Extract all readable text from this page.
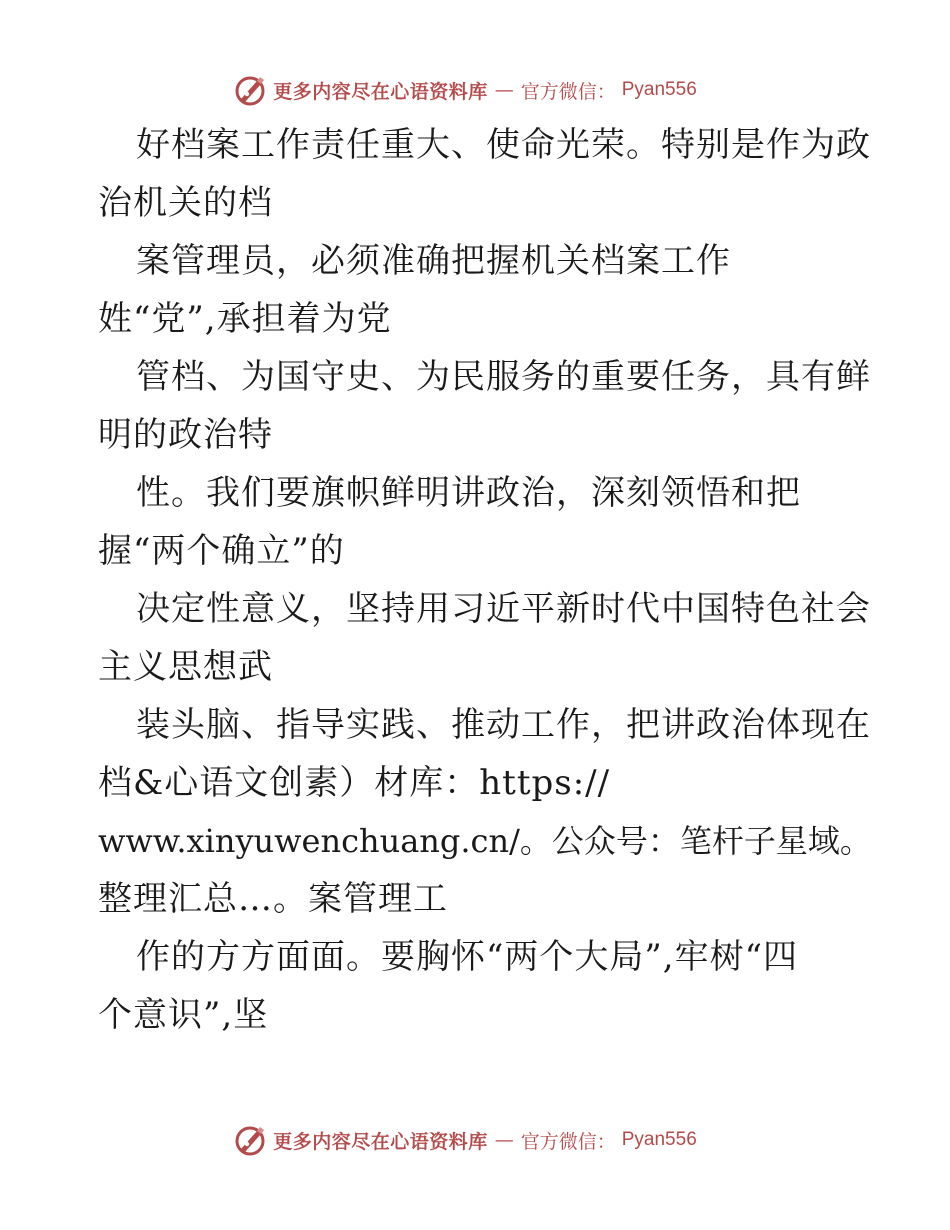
更多内容尽在心语资料库 — 官方微信： Pyan556
好档案工作责任重大、使命光荣。特别是作为政
治机关的档
案管理员，必须准确把握机关档案工作
姓“党”,承担着为党
管档、为国守史、为民服务的重要任务，具有鲜
明的政治特
性。我们要旗帜鲜明讲政治，深刻领悟和把
握“两个确立”的
决定性意义，坚持用习近平新时代中国特色社会
主义思想武
装头脑、指导实践、推动工作，把讲政治体现在
档&心语文创素）材库：https://
www.xinyuwenchuang.cn/。公众号：笔杆子星域。
整理汇总…。案管理工
作的方方面面。要胸怀“两个大局”,牢树“四
个意识”,坚
更多内容尽在心语资料库 — 官方微信： Pyan556
